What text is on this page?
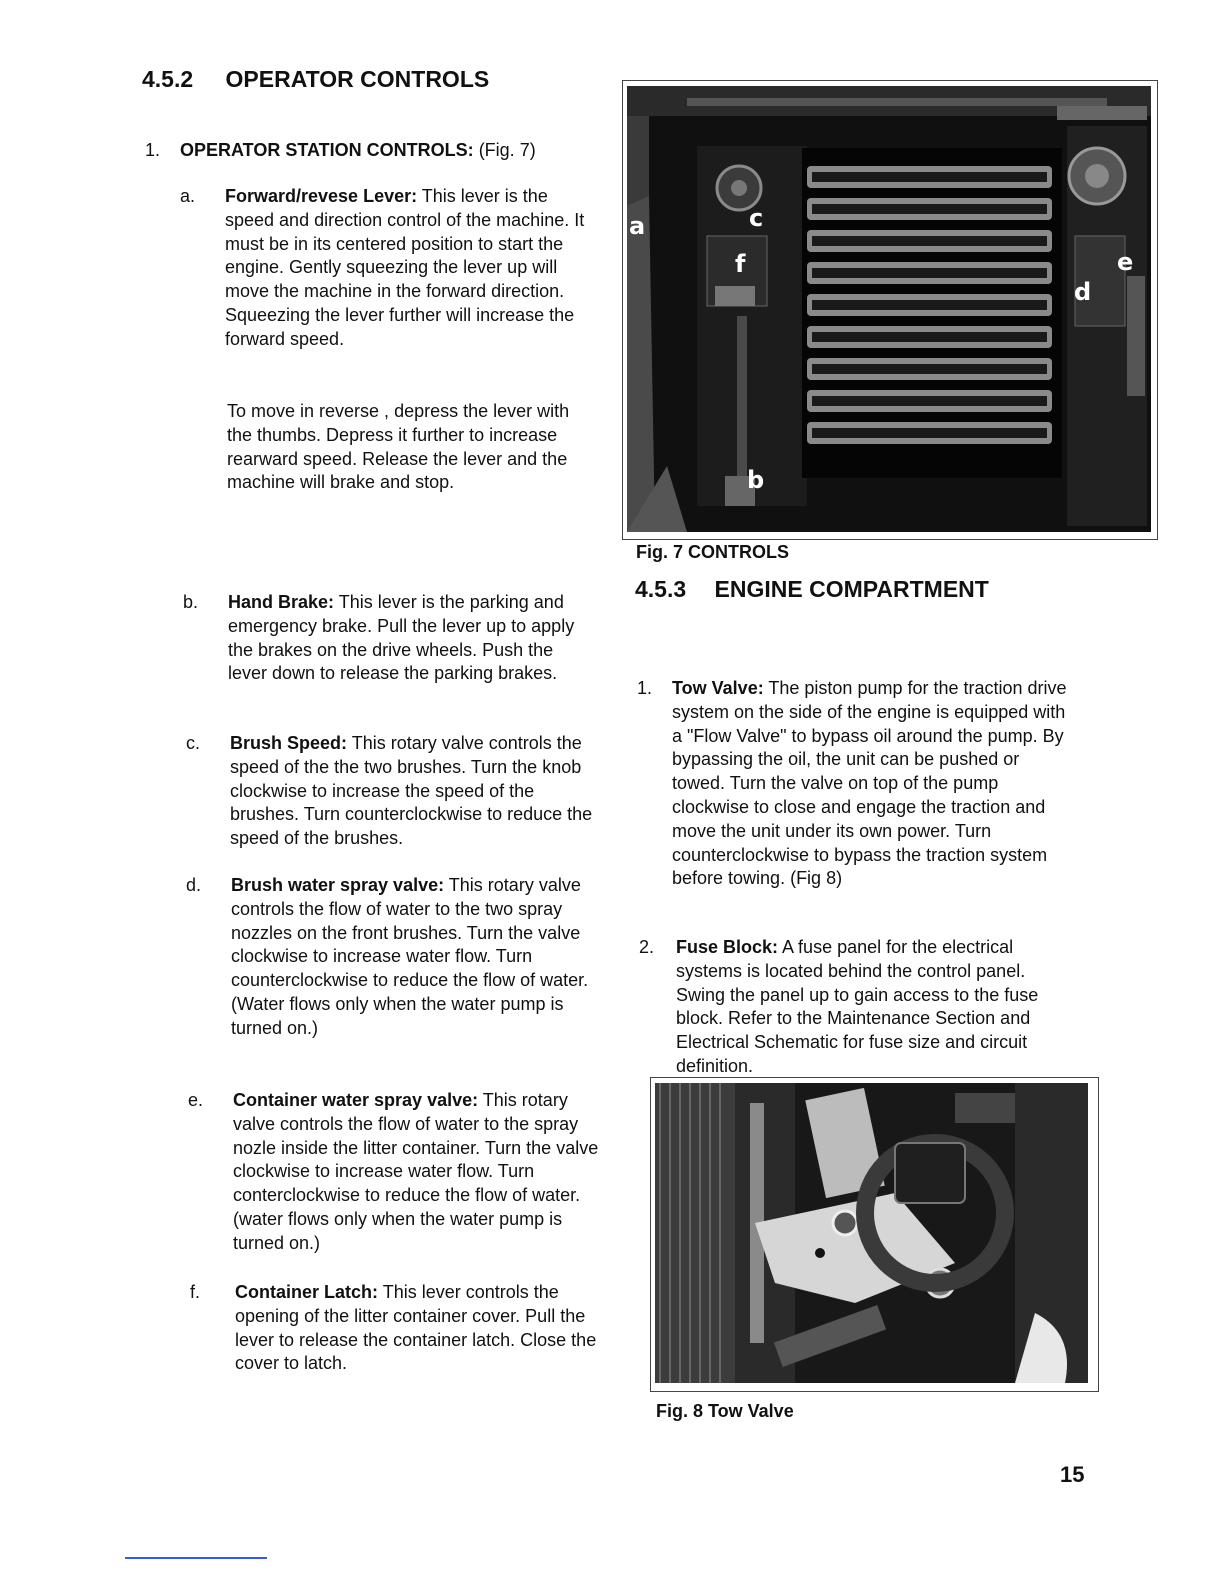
4.5.2 OPERATOR CONTROLS
1. OPERATOR STATION CONTROLS: (Fig. 7)
a. Forward/revese Lever: This lever is the speed and direction control of the machine. It must be in its centered position to start the engine. Gently squeezing the lever up will move the machine in the forward direction. Squeezing the lever further will increase the forward speed.
To move in reverse , depress the lever with the thumbs. Depress it further to increase rearward speed. Release the lever and the machine will brake and stop.
b. Hand Brake: This lever is the parking and emergency brake. Pull the lever up to apply the brakes on the drive wheels. Push the lever down to release the parking brakes.
c. Brush Speed: This rotary valve controls the speed of the the two brushes. Turn the knob clockwise to increase the speed of the brushes. Turn counterclockwise to reduce the speed of the brushes.
d. Brush water spray valve: This rotary valve controls the flow of water to the two spray nozzles on the front brushes. Turn the valve clockwise to increase water flow. Turn counterclockwise to reduce the flow of water. (Water flows only when the water pump is turned on.)
e. Container water spray valve: This rotary valve controls the flow of water to the spray nozle inside the litter container. Turn the valve clockwise to increase water flow. Turn conterclockwise to reduce the flow of water. (water flows only when the water pump is turned on.)
f. Container Latch: This lever controls the opening of the litter container cover. Pull the lever to release the container latch. Close the cover to latch.
a
b
c
d
e
f
Fig. 7 CONTROLS
4.5.3 ENGINE COMPARTMENT
1. Tow Valve: The piston pump for the traction drive system on the side of the engine is equipped with a "Flow Valve" to bypass oil around the pump. By bypassing the oil, the unit can be pushed or towed. Turn the valve on top of the pump clockwise to close and engage the traction and move the unit under its own power. Turn counterclockwise to bypass the traction system before towing. (Fig 8)
2. Fuse Block: A fuse panel for the electrical systems is located behind the control panel. Swing the panel up to gain access to the fuse block. Refer to the Maintenance Section and Electrical Schematic for fuse size and circuit definition.
Fig. 8 Tow Valve
15
